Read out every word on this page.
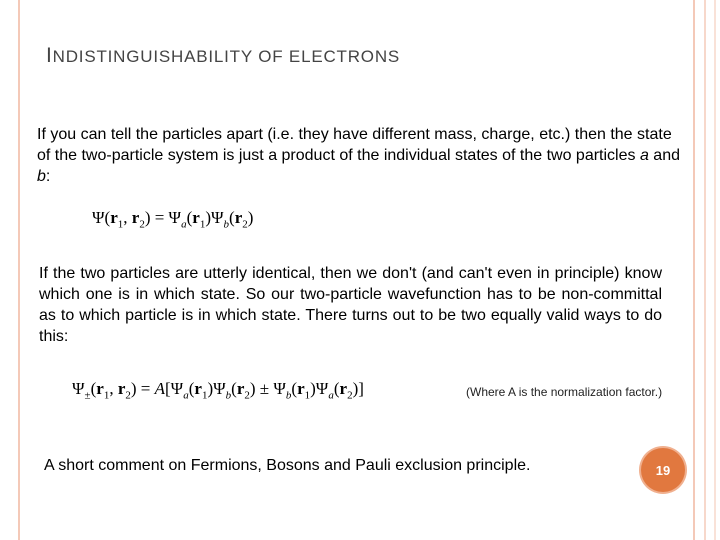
INDISTINGUISHABILITY OF ELECTRONS
If you can tell the particles apart (i.e. they have different mass, charge, etc.) then the state of the two-particle system is just a product of the individual states of the two particles a and b:
$\Psi(r_1$, $r_2) = \Psi_a(r_1)\Psi_b(r_2)$
If the two particles are utterly identical, then we don't (and can't even in principle) know which one is in which state. So our two-particle wavefunction has to be non-committal as to which particle is in which state. There turns out to be two equally valid ways to do this:
$\Psi_\pm(r_1$, $r_2) = A[\Psi_a(r_1)\Psi_b(r_2) \pm \Psi_b(r_1)\Psi_a(r_2)]$	(Where A is the normalization factor.)
A short comment on Fermions, Bosons and Pauli exclusion principle.	19
